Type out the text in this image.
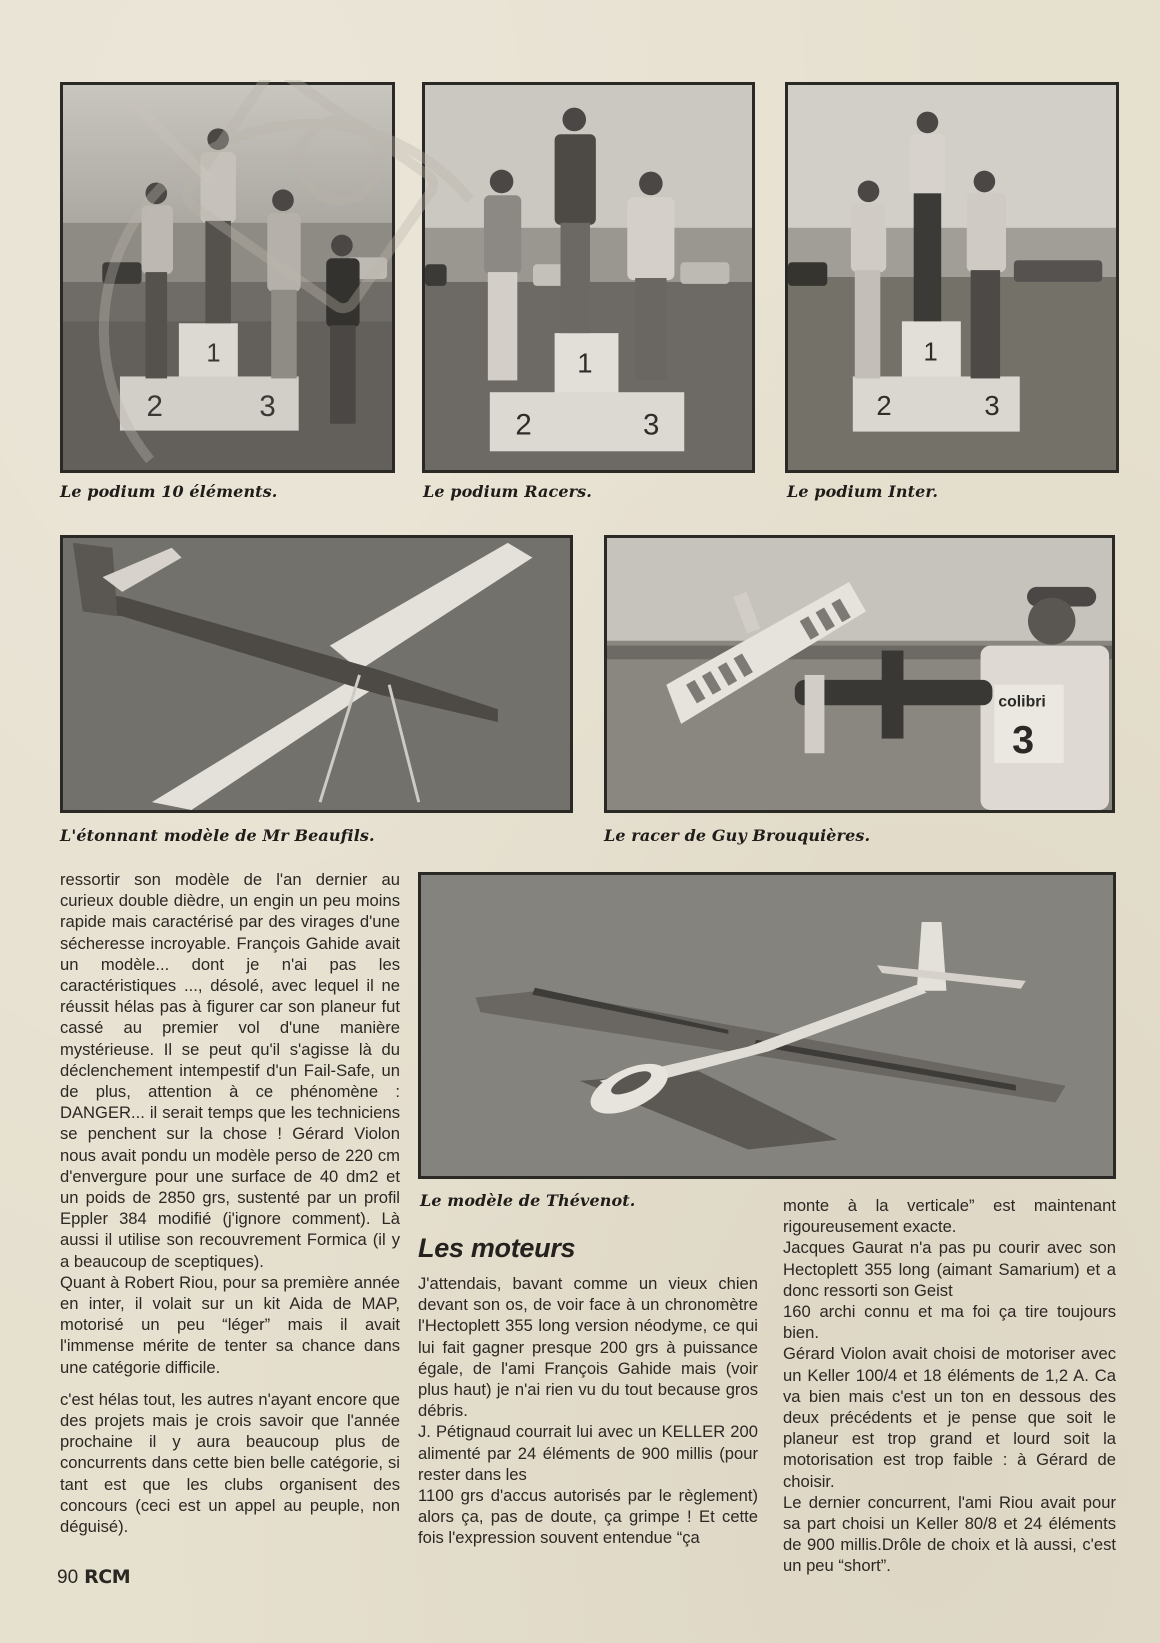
1
2	3
Le podium 10 éléments.
1
2	3
Le podium Racers.
1
2	3
Le podium Inter.
L'étonnant modèle de Mr Beaufils.
colibri
3
Le racer de Guy Brouquières.
Le modèle de Thévenot.

ressortir son modèle de l'an dernier au curieux double dièdre, un engin un peu moins rapide mais caractérisé par des virages d'une sécheresse incroyable. François Gahide avait un modèle... dont je n'ai pas les caractéristiques ..., désolé, avec lequel il ne réussit hélas pas à figurer car son planeur fut cassé au premier vol d'une manière mystérieuse. Il se peut qu'il s'agisse là du déclenchement intempestif d'un Fail-Safe, un de plus, attention à ce phénomène : DANGER... il serait temps que les techniciens se penchent sur la chose ! Gérard Violon nous avait pondu un modèle perso de 220 cm d'envergure pour une surface de 40 dm2 et un poids de 2850 grs, sustenté par un profil Eppler 384 modifié (j'ignore comment). Là aussi il utilise son recouvrement Formica (il y a beaucoup de sceptiques).

Quant à Robert Riou, pour sa première année en inter, il volait sur un kit Aida de MAP, motorisé un peu “léger” mais il avait l'immense mérite de tenter sa chance dans une catégorie difficile.

c'est hélas tout, les autres n'ayant encore que des projets mais je crois savoir que l'année prochaine il y aura beaucoup plus de concurrents dans cette bien belle catégorie, si tant est que les clubs organisent des concours (ceci est un appel au peuple, non déguisé).

Les moteurs

J'attendais, bavant comme un vieux chien devant son os, de voir face à un chronomètre l'Hectoplett 355 long version néodyme, ce qui lui fait gagner presque 200 grs à puissance égale, de l'ami François Gahide mais (voir plus haut) je n'ai rien vu du tout because gros débris.

J. Pétignaud courrait lui avec un KELLER 200 alimenté par 24 éléments de 900 millis (pour rester dans les

1100 grs d'accus autorisés par le règlement) alors ça, pas de doute, ça grimpe ! Et cette fois l'expression souvent entendue “ça

monte à la verticale” est maintenant rigoureusement exacte.

Jacques Gaurat n'a pas pu courir avec son Hectoplett 355 long (aimant Samarium) et a donc ressorti son Geist

160 archi connu et ma foi ça tire toujours bien.

Gérard Violon avait choisi de motoriser avec un Keller 100/4 et 18 éléments de 1,2 A. Ca va bien mais c'est un ton en dessous des deux précédents et je pense que soit le planeur est trop grand et lourd soit la motorisation est trop faible : à Gérard de choisir.

Le dernier concurrent, l'ami Riou avait pour sa part choisi un Keller 80/8 et 24 éléments de 900 millis.Drôle de choix et là aussi, c'est un peu “short”.

90 RCM
